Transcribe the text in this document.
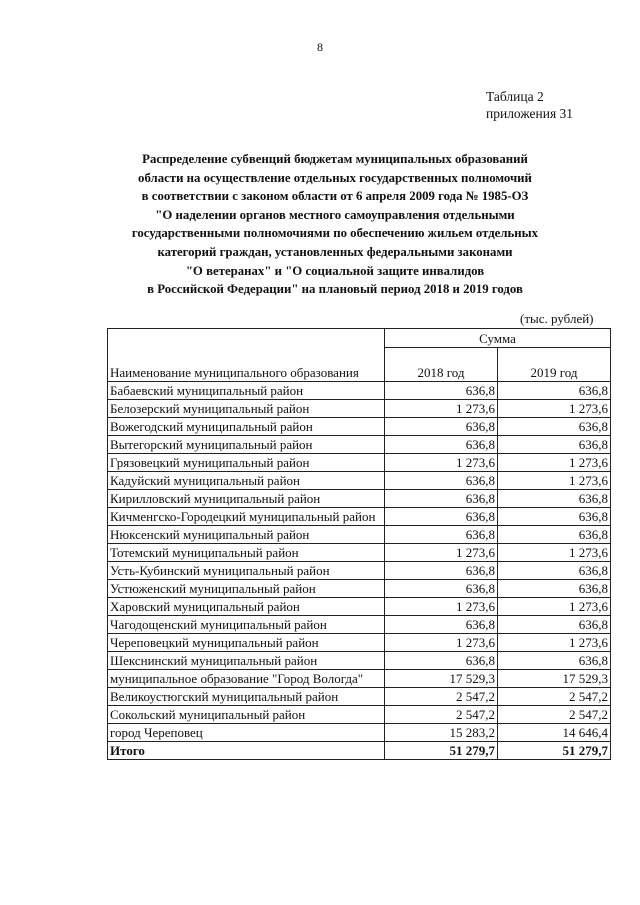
8
Таблица 2
приложения 31
Распределение субвенций бюджетам муниципальных образований
области на осуществление отдельных государственных полномочий
в соответствии с законом области от 6 апреля 2009 года № 1985-ОЗ
"О наделении органов местного самоуправления отдельными
государственными полномочиями по обеспечению жильем отдельных
категорий граждан, установленных федеральными законами
"О ветеранах" и "О социальной защите инвалидов
в Российской Федерации" на плановый период 2018 и 2019 годов
(тыс. рублей)
Наименование муниципального образования	Сумма	
	2018 год	2019 год
Бабаевский муниципальный район	636,8	636,8
Белозерский муниципальный район	1 273,6	1 273,6
Вожегодский муниципальный район	636,8	636,8
Вытегорский муниципальный район	636,8	636,8
Грязовецкий муниципальный район	1 273,6	1 273,6
Кадуйский муниципальный район	636,8	1 273,6
Кирилловский муниципальный район	636,8	636,8
Кичменгско-Городецкий муниципальный район	636,8	636,8
Нюксенский муниципальный район	636,8	636,8
Тотемский муниципальный район	1 273,6	1 273,6
Усть-Кубинский муниципальный район	636,8	636,8
Устюженский муниципальный район	636,8	636,8
Харовский муниципальный район	1 273,6	1 273,6
Чагодощенский муниципальный район	636,8	636,8
Череповецкий муниципальный район	1 273,6	1 273,6
Шекснинский муниципальный район	636,8	636,8
муниципальное образование "Город Вологда"	17 529,3	17 529,3
Великоустюгский муниципальный район	2 547,2	2 547,2
Сокольский муниципальный район	2 547,2	2 547,2
город Череповец	15 283,2	14 646,4
Итого	51 279,7	51 279,7
